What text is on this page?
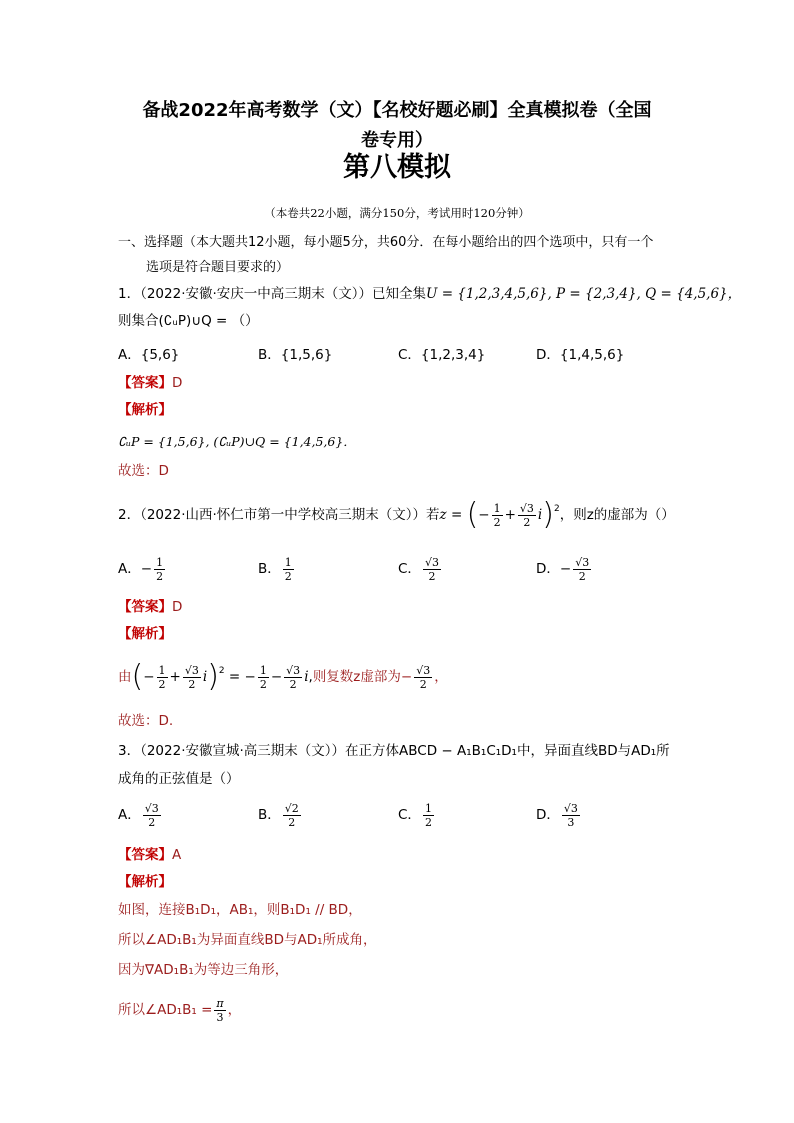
备战2022年高考数学（文）【名校好题必刷】全真模拟卷（全国
卷专用）
第八模拟
（本卷共22小题，满分150分，考试用时120分钟）
一、选择题（本大题共12小题，每小题5分，共60分．在每小题给出的四个选项中，只有一个
选项是符合题目要求的）
1．（2022·安徽·安庆一中高三期末（文））已知全集U = {1,2,3,4,5,6}, P = {2,3,4}, Q = {4,5,6}，
则集合(∁ᵤP)∪Q = （）
A．{5,6}	B．{1,5,6}	C．{1,2,3,4}	D．{1,4,5,6}
【答案】D
【解析】
∁ᵤP = {1,5,6}, (∁ᵤP)∪Q = {1,4,5,6}．
故选：D
2．（2022·山西·怀仁市第一中学校高三期末（文））若z = (− $\frac{1}{2} + \frac{√3}{2} i)^2$，则z的虚部为（）
A．− $\frac{1}{2}$	B． $\frac{1}{2}$	C． $\frac{√3}{2}$	D．− $\frac{√3}{2}$
【答案】D
【解析】
由(− $\frac{1}{2} + \frac{√3}{2} i)^2$ = − $\frac{1}{2} - \frac{√3}{2} i$,则复数z虚部为− $\frac{√3}{2}$ ，
故选：D.
3．（2022·安徽宣城·高三期末（文））在正方体ABCD − A₁B₁C₁D₁中，异面直线BD与AD₁所
成角的正弦值是（）
A． $\frac{√3}{2}$	B． $\frac{√2}{2}$	C． $\frac{1}{2}$	D． $\frac{√3}{3}$
【答案】A
【解析】
如图，连接B₁D₁，AB₁，则B₁D₁ // BD，
所以∠AD₁B₁为异面直线BD与AD₁所成角，
因为∇AD₁B₁为等边三角形，
所以∠AD₁B₁ = $\frac{\pi}{3}$ ，
